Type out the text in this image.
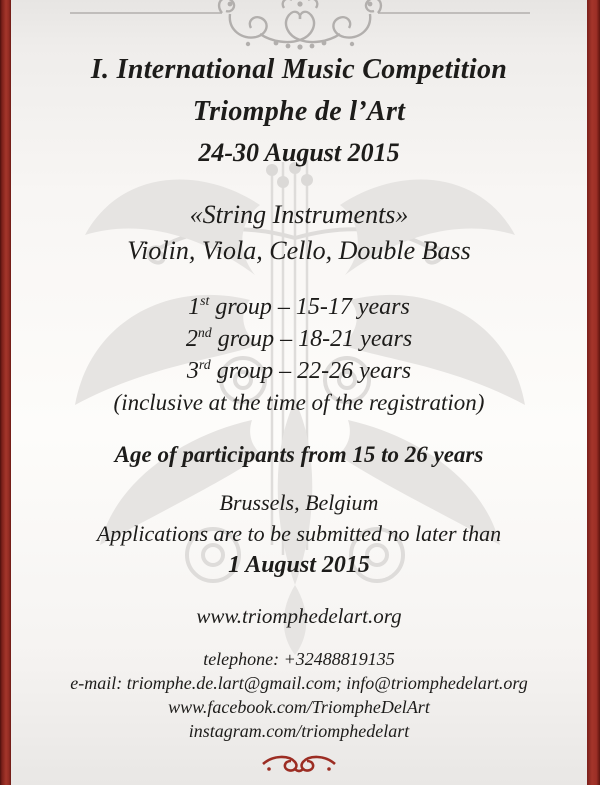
I. International Music Competition
Triomphe de l’Art
24-30 August 2015
«String Instruments»
Violin, Viola, Cello, Double Bass
1st group – 15-17 years
2nd group – 18-21 years
3rd group – 22-26 years
(inclusive at the time of the registration)
Age of participants from 15 to 26 years
Brussels, Belgium
Applications are to be submitted no later than
1 August 2015
www.triomphedelart.org
telephone: +32488819135
e-mail: triomphe.de.lart@gmail.com; info@triomphedelart.org
www.facebook.com/TriompheDelArt
instagram.com/triomphedelart
